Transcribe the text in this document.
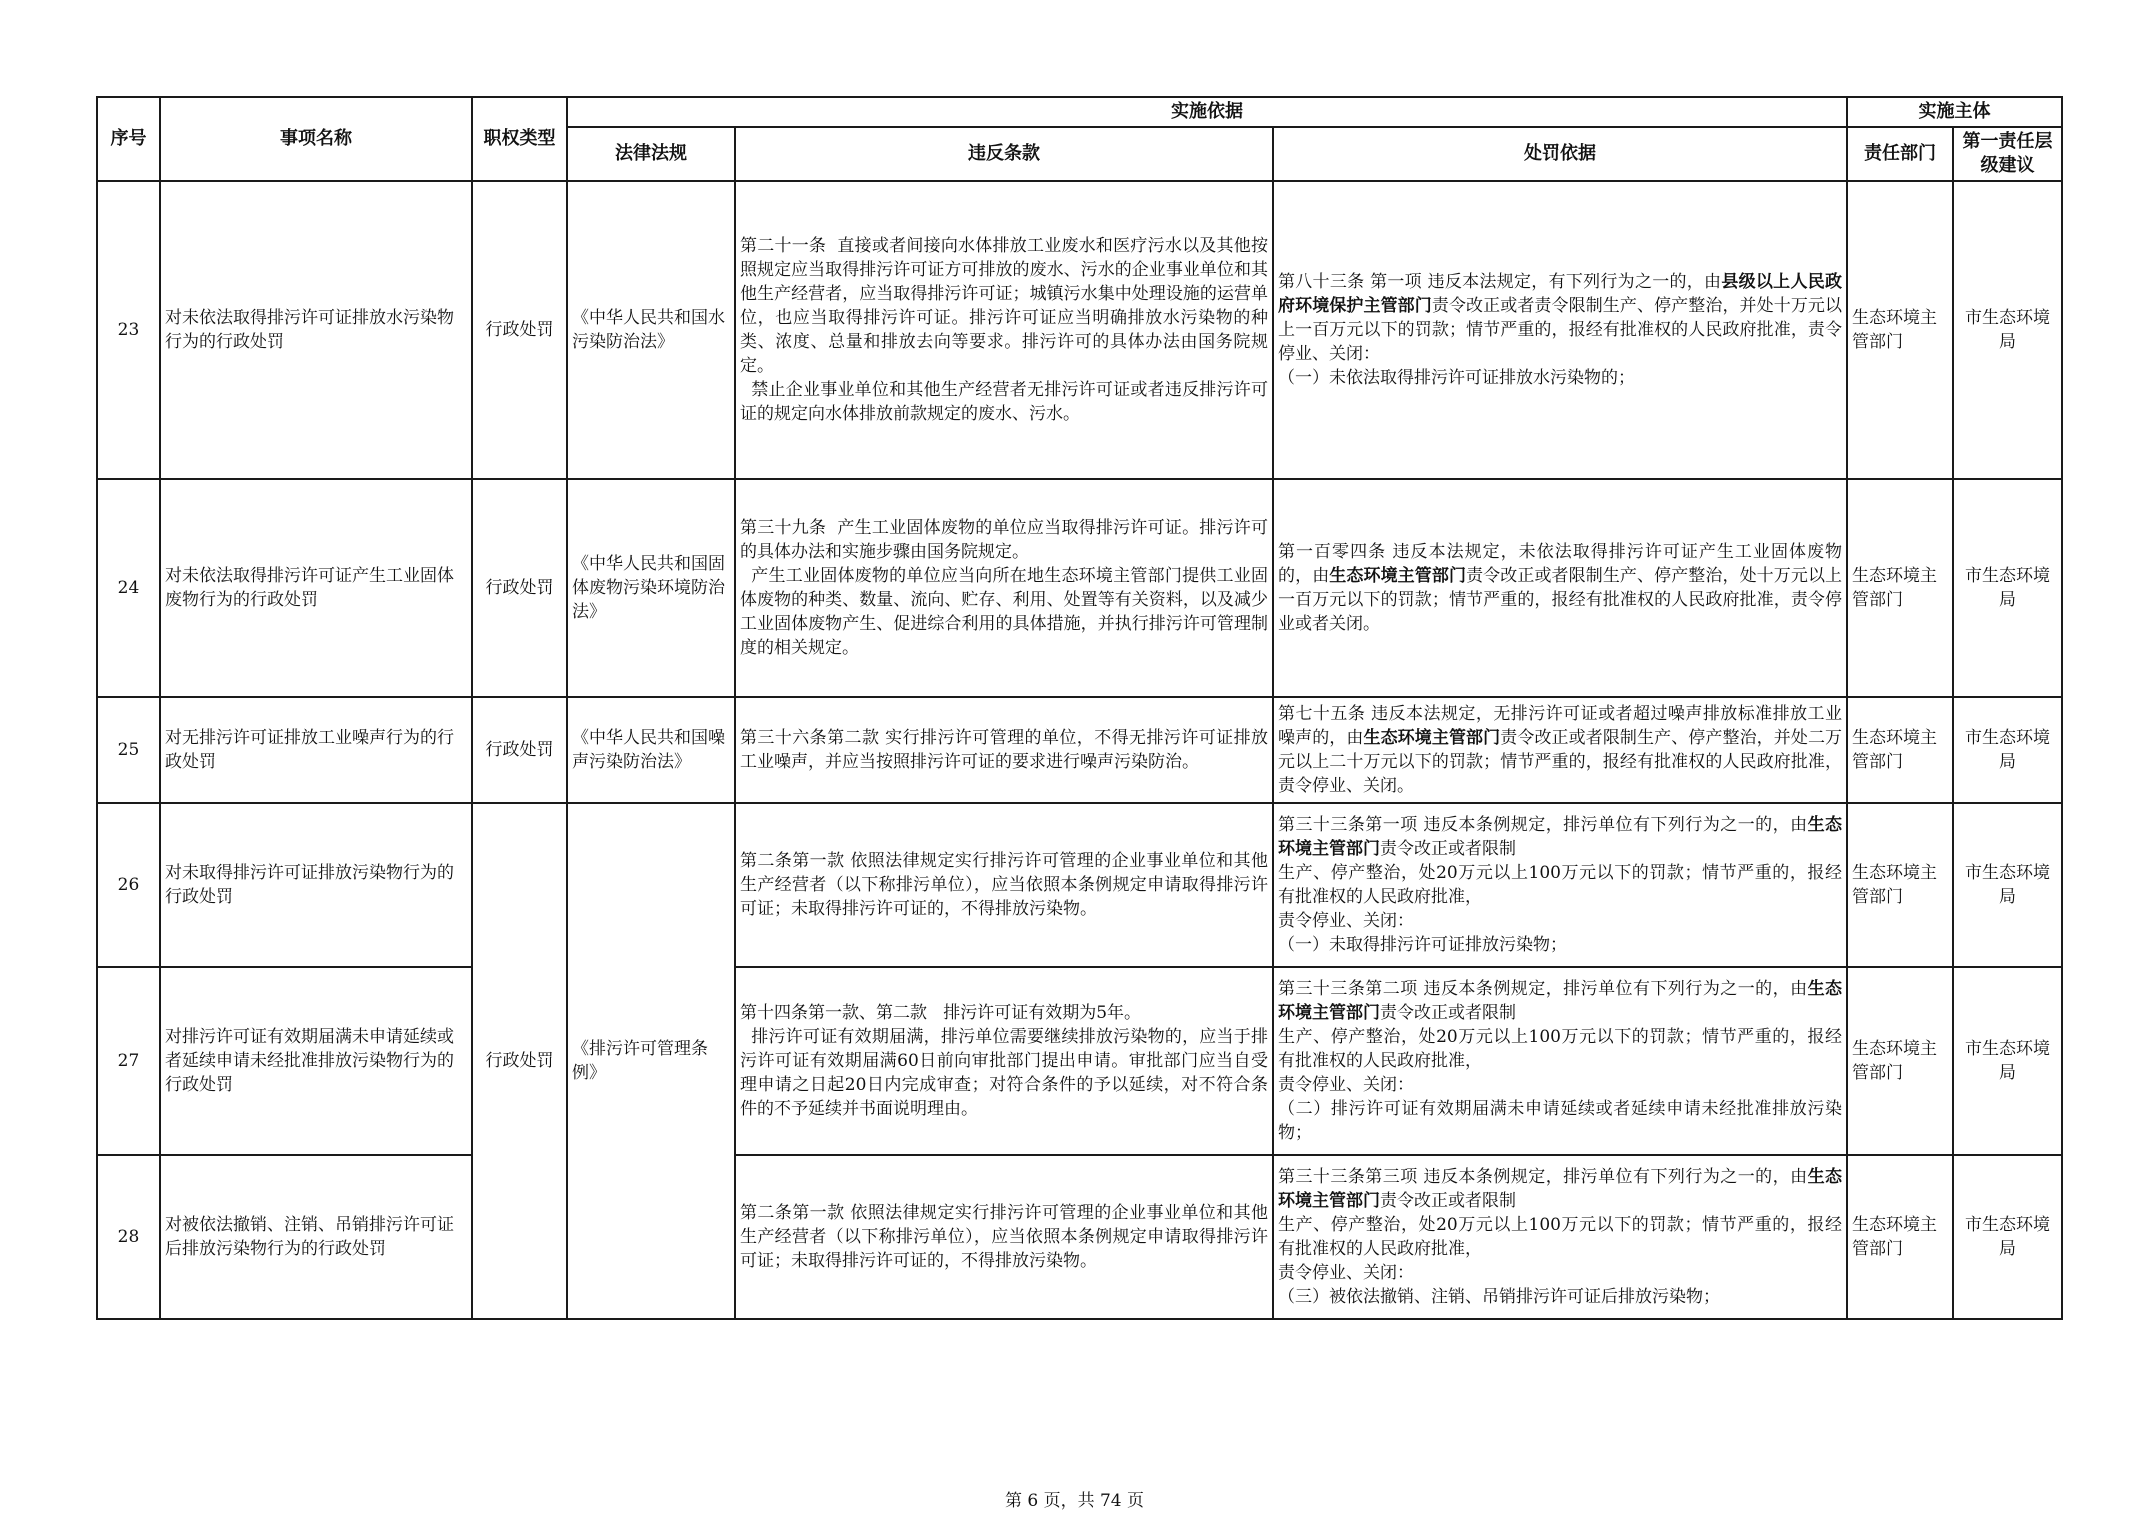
序号	事项名称	职权类型	实施依据			实施主体	
			法律法规	违反条款	处罚依据	责任部门	第一责任层级建议
23	对未依法取得排污许可证排放水污染物行为的行政处罚	行政处罚	《中华人民共和国水污染防治法》	第二十一条  直接或者间接向水体排放工业废水和医疗污水以及其他按照规定应当取得排污许可证方可排放的废水、污水的企业事业单位和其他生产经营者，应当取得排污许可证；城镇污水集中处理设施的运营单位，也应当取得排污许可证。排污许可证应当明确排放水污染物的种类、浓度、总量和排放去向等要求。排污许可的具体办法由国务院规定。
禁止企业事业单位和其他生产经营者无排污许可证或者违反排污许可证的规定向水体排放前款规定的废水、污水。	第八十三条 第一项 违反本法规定，有下列行为之一的，由县级以上人民政府环境保护主管部门责令改正或者责令限制生产、停产整治，并处十万元以上一百万元以下的罚款；情节严重的，报经有批准权的人民政府批准，责令停业、关闭：
（一）未依法取得排污许可证排放水污染物的；	生态环境主管部门	市生态环境局
24	对未依法取得排污许可证产生工业固体废物行为的行政处罚	行政处罚	《中华人民共和国固体废物污染环境防治法》	第三十九条  产生工业固体废物的单位应当取得排污许可证。排污许可的具体办法和实施步骤由国务院规定。
产生工业固体废物的单位应当向所在地生态环境主管部门提供工业固体废物的种类、数量、流向、贮存、利用、处置等有关资料，以及减少工业固体废物产生、促进综合利用的具体措施，并执行排污许可管理制度的相关规定。	第一百零四条 违反本法规定，未依法取得排污许可证产生工业固体废物的，由生态环境主管部门责令改正或者限制生产、停产整治，处十万元以上一百万元以下的罚款；情节严重的，报经有批准权的人民政府批准，责令停业或者关闭。	生态环境主管部门	市生态环境局
25	对无排污许可证排放工业噪声行为的行政处罚	行政处罚	《中华人民共和国噪声污染防治法》	第三十六条第二款 实行排污许可管理的单位，不得无排污许可证排放工业噪声，并应当按照排污许可证的要求进行噪声污染防治。	第七十五条 违反本法规定，无排污许可证或者超过噪声排放标准排放工业噪声的，由生态环境主管部门责令改正或者限制生产、停产整治，并处二万元以上二十万元以下的罚款；情节严重的，报经有批准权的人民政府批准，责令停业、关闭。	生态环境主管部门	市生态环境局
26	对未取得排污许可证排放污染物行为的行政处罚	行政处罚	《排污许可管理条例》	第二条第一款 依照法律规定实行排污许可管理的企业事业单位和其他生产经营者（以下称排污单位），应当依照本条例规定申请取得排污许可证；未取得排污许可证的，不得排放污染物。	第三十三条第一项 违反本条例规定，排污单位有下列行为之一的，由生态环境主管部门责令改正或者限制
生产、停产整治，处20万元以上100万元以下的罚款；情节严重的，报经有批准权的人民政府批准，
责令停业、关闭：
（一）未取得排污许可证排放污染物；	生态环境主管部门	市生态环境局
27	对排污许可证有效期届满未申请延续或者延续申请未经批准排放污染物行为的行政处罚			第十四条第一款、第二款   排污许可证有效期为5年。
排污许可证有效期届满，排污单位需要继续排放污染物的，应当于排污许可证有效期届满60日前向审批部门提出申请。审批部门应当自受理申请之日起20日内完成审查；对符合条件的予以延续，对不符合条件的不予延续并书面说明理由。	第三十三条第二项 违反本条例规定，排污单位有下列行为之一的，由生态环境主管部门责令改正或者限制
生产、停产整治，处20万元以上100万元以下的罚款；情节严重的，报经有批准权的人民政府批准，
责令停业、关闭：
（二）排污许可证有效期届满未申请延续或者延续申请未经批准排放污染物；	生态环境主管部门	市生态环境局
28	对被依法撤销、注销、吊销排污许可证后排放污染物行为的行政处罚			第二条第一款 依照法律规定实行排污许可管理的企业事业单位和其他生产经营者（以下称排污单位），应当依照本条例规定申请取得排污许可证；未取得排污许可证的，不得排放污染物。	第三十三条第三项 违反本条例规定，排污单位有下列行为之一的，由生态环境主管部门责令改正或者限制
生产、停产整治，处20万元以上100万元以下的罚款；情节严重的，报经有批准权的人民政府批准，
责令停业、关闭：
（三）被依法撤销、注销、吊销排污许可证后排放污染物；	生态环境主管部门	市生态环境局
第 6 页，共 74 页
